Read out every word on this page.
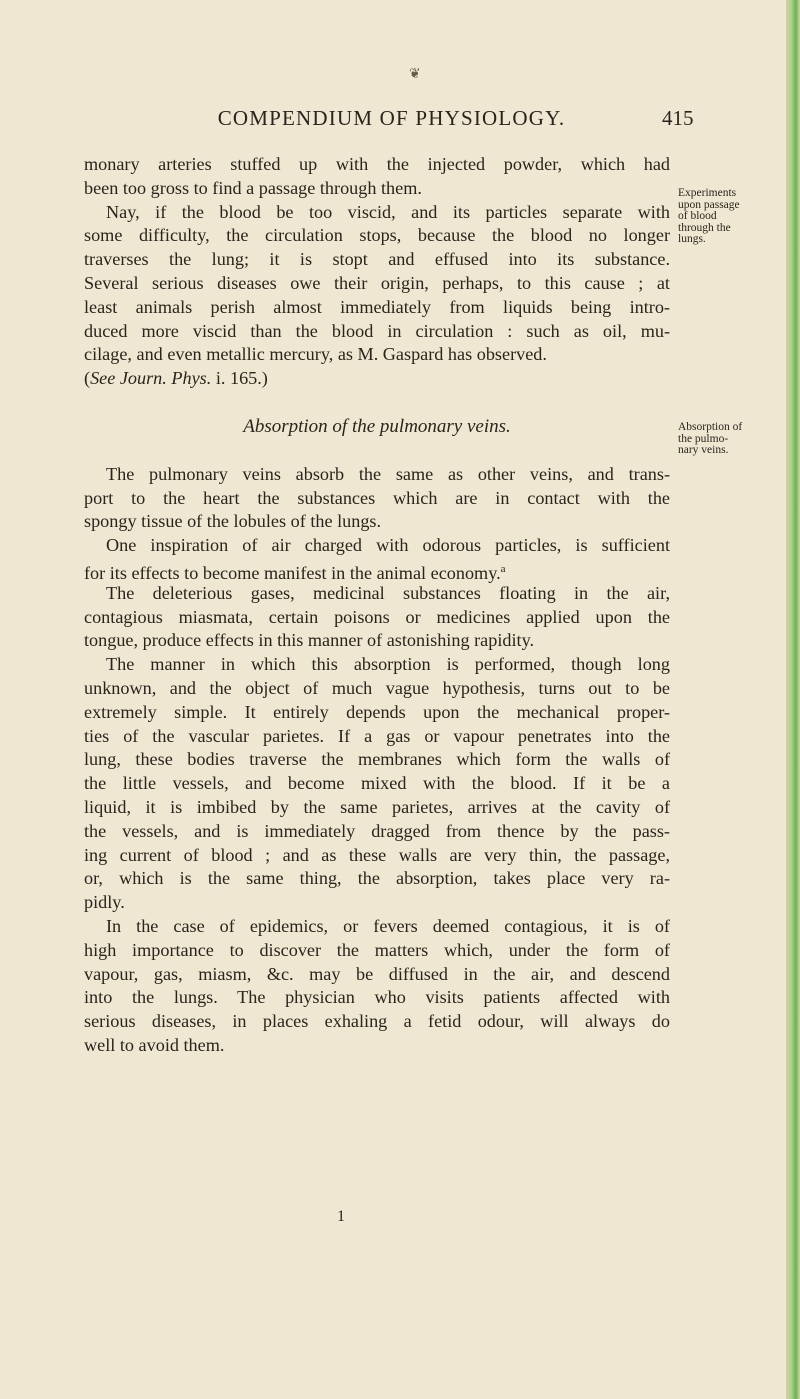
❦
COMPENDIUM OF PHYSIOLOGY.	415
monary arteries stuffed up with the injected powder, which had
been too gross to find a passage through them.
Nay, if the blood be too viscid, and its particles separate with
some difficulty, the circulation stops, because the blood no longer
traverses the lung; it is stopt and effused into its substance.
Several serious diseases owe their origin, perhaps, to this cause ; at
least animals perish almost immediately from liquids being intro-
duced more viscid than the blood in circulation : such as oil, mu-
cilage, and even metallic mercury, as M. Gaspard has observed.
(See Journ. Phys. i. 165.)
Absorption of the pulmonary veins.
The pulmonary veins absorb the same as other veins, and trans-
port to the heart the substances which are in contact with the
spongy tissue of the lobules of the lungs.
One inspiration of air charged with odorous particles, is sufficient
for its effects to become manifest in the animal economy.$^a$
The deleterious gases, medicinal substances floating in the air,
contagious miasmata, certain poisons or medicines applied upon the
tongue, produce effects in this manner of astonishing rapidity.
The manner in which this absorption is performed, though long
unknown, and the object of much vague hypothesis, turns out to be
extremely simple. It entirely depends upon the mechanical proper-
ties of the vascular parietes. If a gas or vapour penetrates into the
lung, these bodies traverse the membranes which form the walls of
the little vessels, and become mixed with the blood. If it be a
liquid, it is imbibed by the same parietes, arrives at the cavity of
the vessels, and is immediately dragged from thence by the pass-
ing current of blood ; and as these walls are very thin, the passage,
or, which is the same thing, the absorption, takes place very ra-
pidly.
In the case of epidemics, or fevers deemed contagious, it is of
high importance to discover the matters which, under the form of
vapour, gas, miasm, &c. may be diffused in the air, and descend
into the lungs. The physician who visits patients affected with
serious diseases, in places exhaling a fetid odour, will always do
well to avoid them.
Experiments
upon passage
of blood
through the
lungs.
Absorption of
the pulmo-
nary veins.
1
